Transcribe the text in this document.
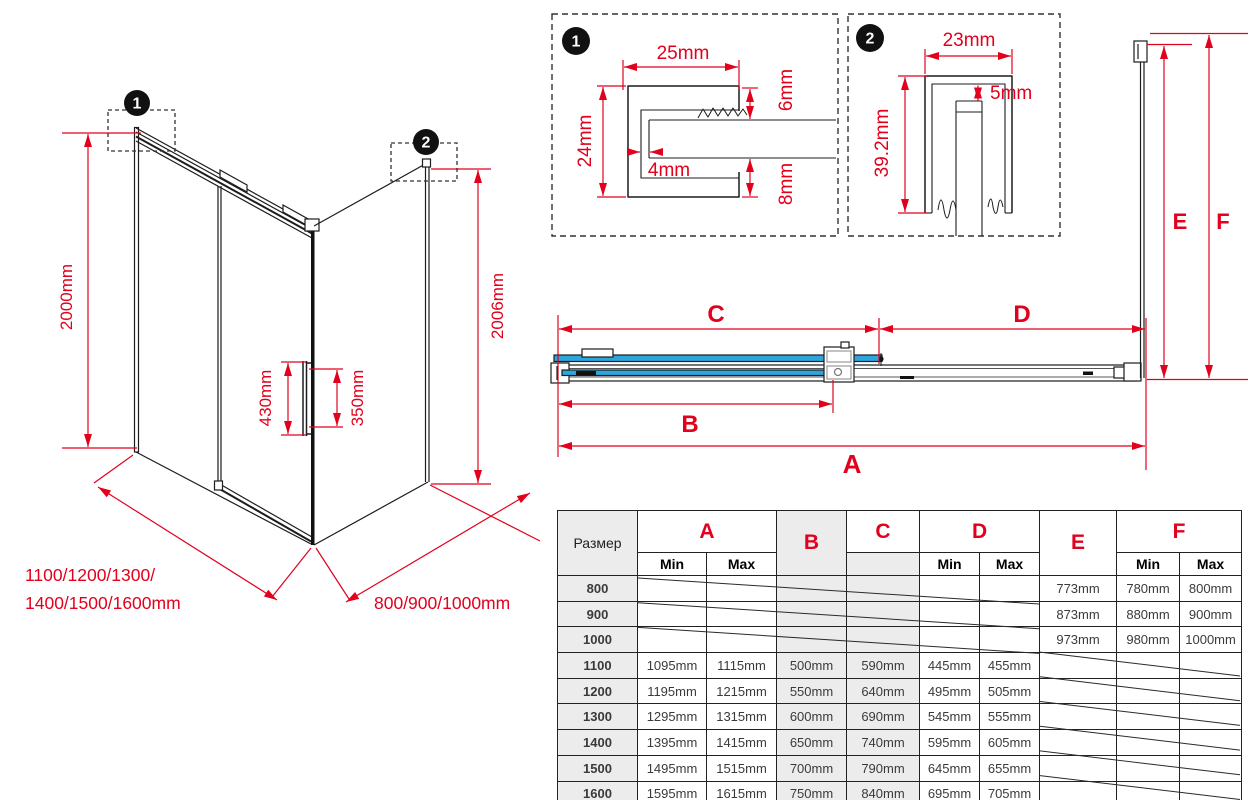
1
2
2000mm
430mm	350mm
2006mm
1100/1200/1300/
1400/1500/1600mm	800/900/1000mm
1
25mm
24mm
4mm
6mm
8mm
2	23mm
5mm
39.2mm
C	D
B
A
E F
Размер	A		B	C	D		E	F	
	Min	Max			Min	Max		Min	Max
800							773mm	780mm	800mm
900							873mm	880mm	900mm
1000							973mm	980mm	1000mm
1100	1095mm	1115mm	500mm	590mm	445mm	455mm			
1200	1195mm	1215mm	550mm	640mm	495mm	505mm			
1300	1295mm	1315mm	600mm	690mm	545mm	555mm			
1400	1395mm	1415mm	650mm	740mm	595mm	605mm			
1500	1495mm	1515mm	700mm	790mm	645mm	655mm			
1600	1595mm	1615mm	750mm	840mm	695mm	705mm			
